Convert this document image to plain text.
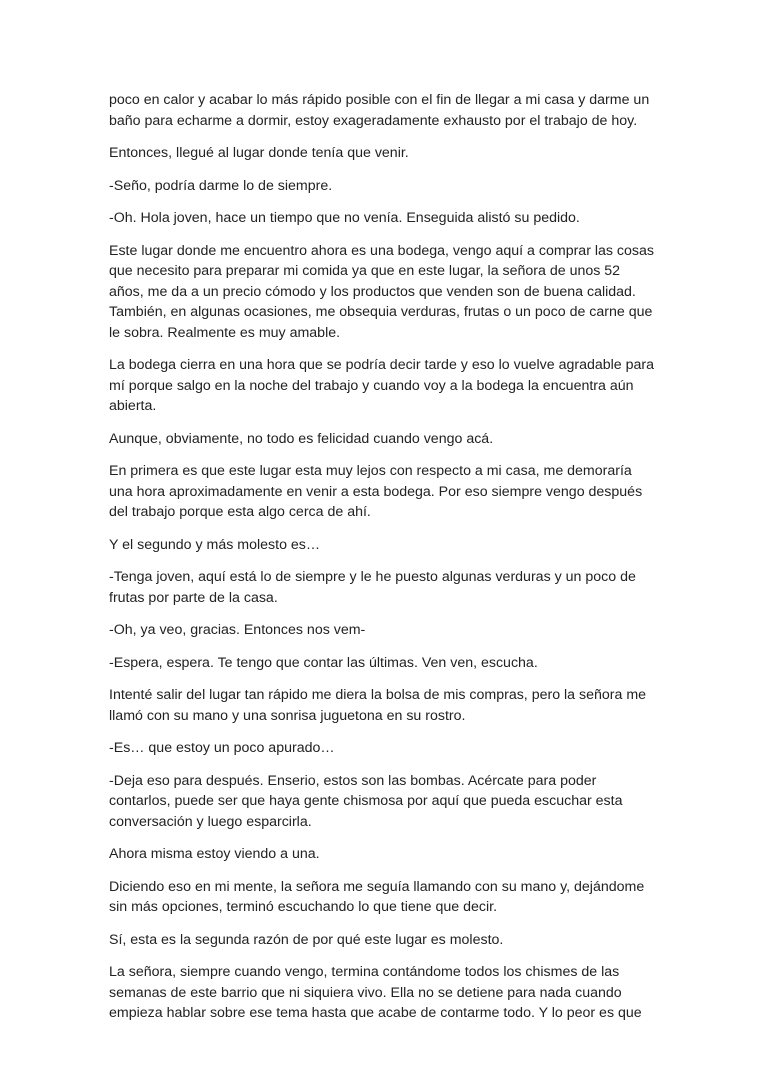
poco en calor y acabar lo más rápido posible con el fin de llegar a mi casa y darme un baño para echarme a dormir, estoy exageradamente exhausto por el trabajo de hoy.

Entonces, llegué al lugar donde tenía que venir.

-Seño, podría darme lo de siempre.

-Oh. Hola joven, hace un tiempo que no venía. Enseguida alistó su pedido.

Este lugar donde me encuentro ahora es una bodega, vengo aquí a comprar las cosas que necesito para preparar mi comida ya que en este lugar, la señora de unos 52 años, me da a un precio cómodo y los productos que venden son de buena calidad. También, en algunas ocasiones, me obsequia verduras, frutas o un poco de carne que le sobra. Realmente es muy amable.

La bodega cierra en una hora que se podría decir tarde y eso lo vuelve agradable para mí porque salgo en la noche del trabajo y cuando voy a la bodega la encuentra aún abierta.

Aunque, obviamente, no todo es felicidad cuando vengo acá.

En primera es que este lugar esta muy lejos con respecto a mi casa, me demoraría una hora aproximadamente en venir a esta bodega. Por eso siempre vengo después del trabajo porque esta algo cerca de ahí.

Y el segundo y más molesto es…

-Tenga joven, aquí está lo de siempre y le he puesto algunas verduras y un poco de frutas por parte de la casa.

-Oh, ya veo, gracias. Entonces nos vem-

-Espera, espera. Te tengo que contar las últimas. Ven ven, escucha.

Intenté salir del lugar tan rápido me diera la bolsa de mis compras, pero la señora me llamó con su mano y una sonrisa juguetona en su rostro.

-Es… que estoy un poco apurado…

-Deja eso para después. Enserio, estos son las bombas. Acércate para poder contarlos, puede ser que haya gente chismosa por aquí que pueda escuchar esta conversación y luego esparcirla.

Ahora misma estoy viendo a una.

Diciendo eso en mi mente, la señora me seguía llamando con su mano y, dejándome sin más opciones, terminó escuchando lo que tiene que decir.

Sí, esta es la segunda razón de por qué este lugar es molesto.

La señora, siempre cuando vengo, termina contándome todos los chismes de las semanas de este barrio que ni siquiera vivo. Ella no se detiene para nada cuando empieza hablar sobre ese tema hasta que acabe de contarme todo. Y lo peor es que
